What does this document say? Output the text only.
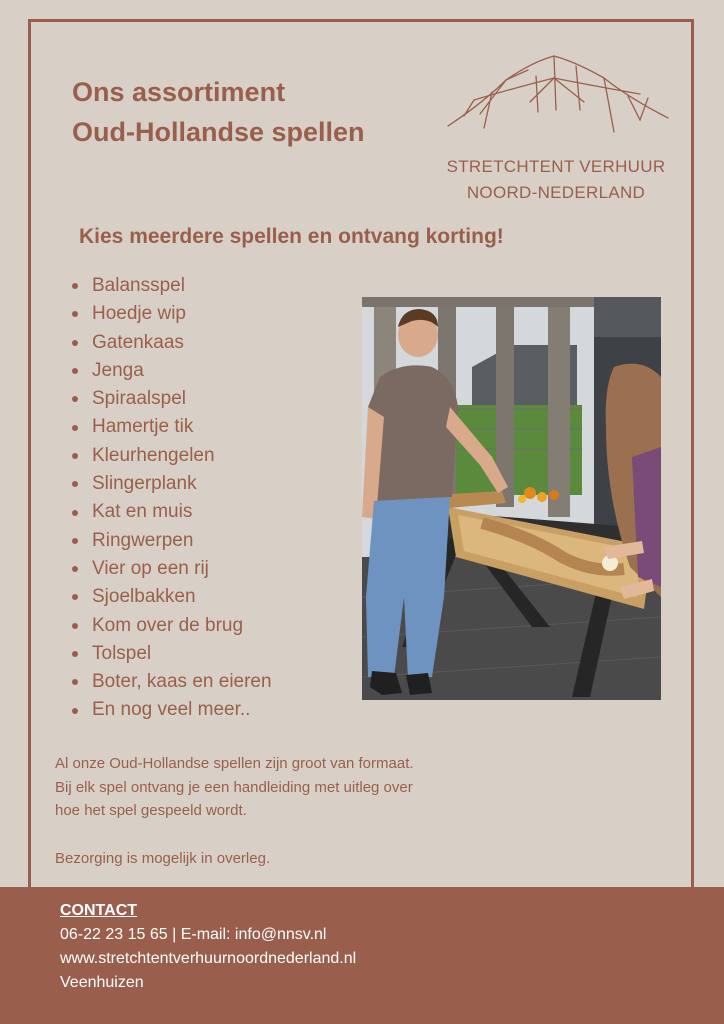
Ons assortiment
Oud-Hollandse spellen
STRETCHTENT VERHUUR
NOORD-NEDERLAND
Kies meerdere spellen en ontvang korting!
Balansspel
Hoedje wip
Gatenkaas
Jenga
Spiraalspel
Hamertje tik
Kleurhengelen
Slingerplank
Kat en muis
Ringwerpen
Vier op een rij
Sjoelbakken
Kom over de brug
Tolspel
Boter, kaas en eieren
En nog veel meer..
Al onze Oud-Hollandse spellen zijn groot van formaat.
Bij elk spel ontvang je een handleiding met uitleg over
hoe het spel gespeeld wordt.
Bezorging is mogelijk in overleg.
CONTACT
06-22 23 15 65 | E-mail: info@nnsv.nl
www.stretchtentverhuurnoordnederland.nl
Veenhuizen
